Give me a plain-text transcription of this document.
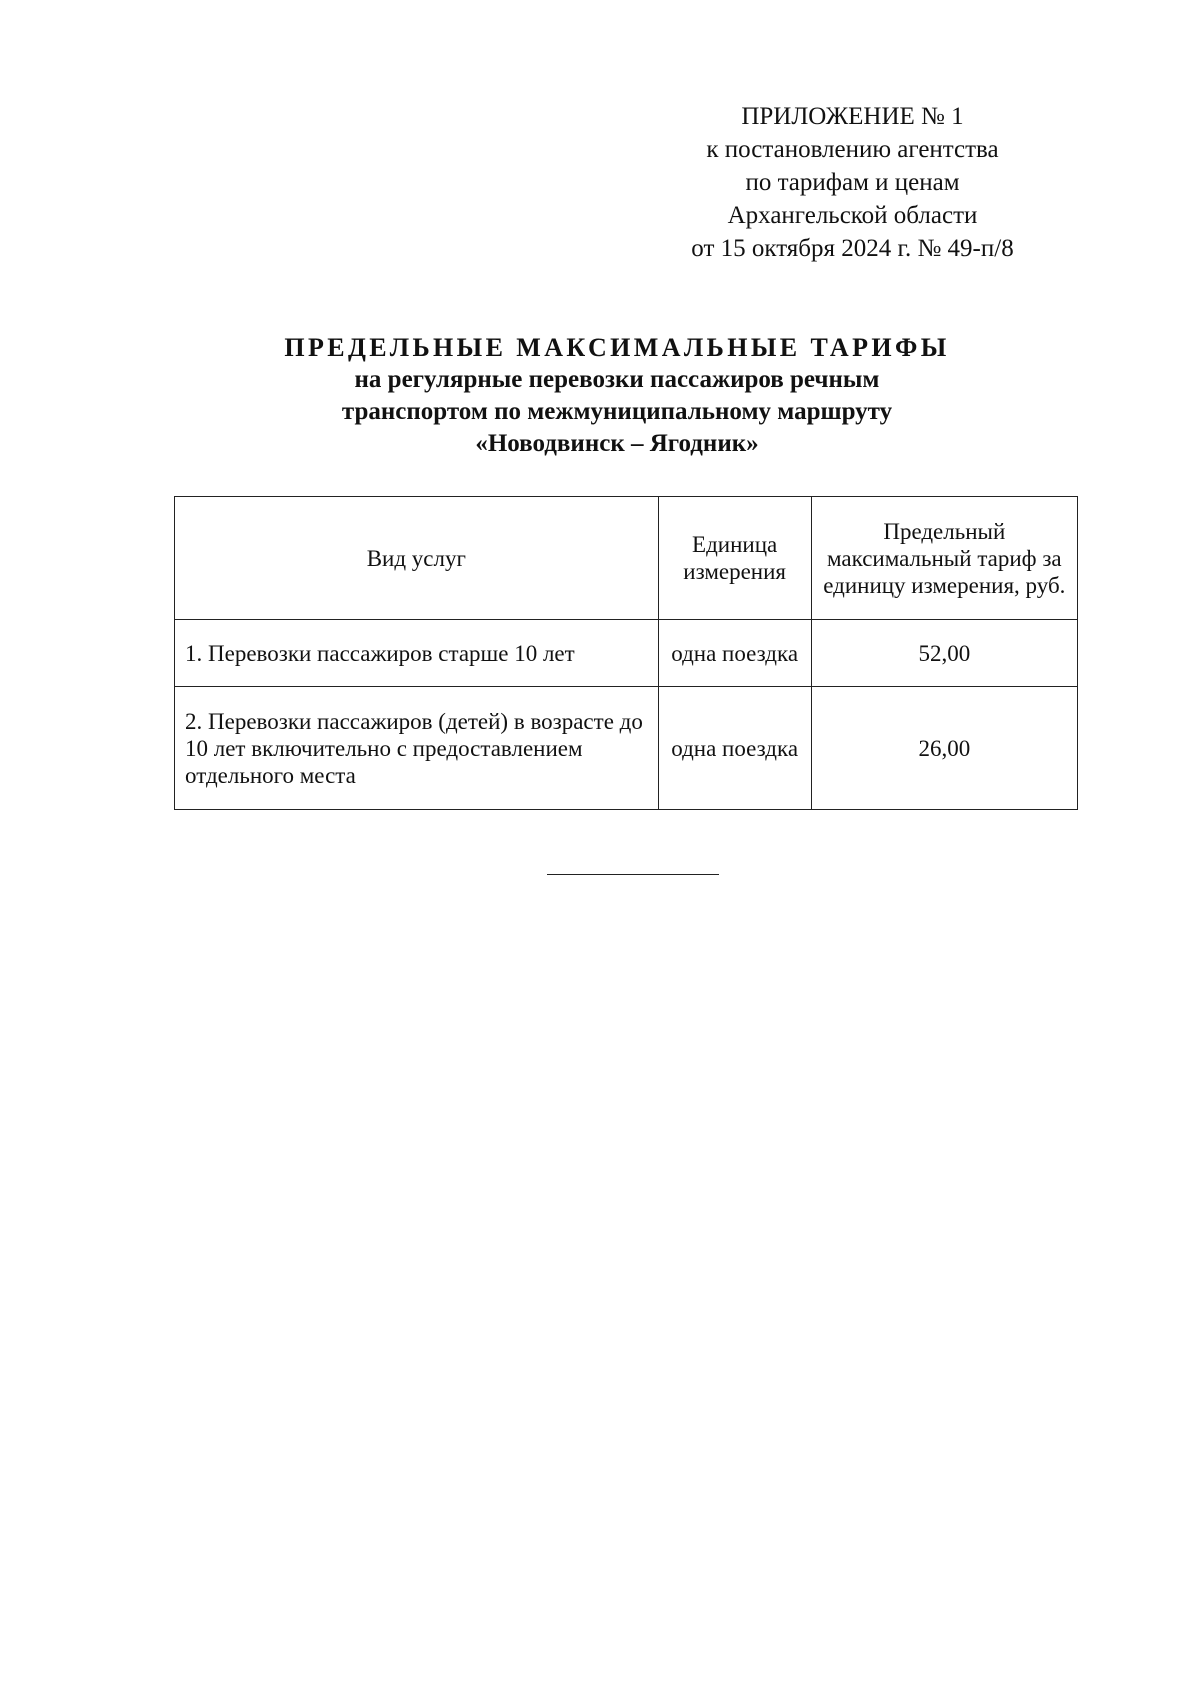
ПРИЛОЖЕНИЕ № 1
к постановлению агентства
по тарифам и ценам
Архангельской области
от 15 октября 2024 г. № 49-п/8
ПРЕДЕЛЬНЫЕ МАКСИМАЛЬНЫЕ ТАРИФЫ
на регулярные перевозки пассажиров речным
транспортом по межмуниципальному маршруту
«Новодвинск – Ягодник»
Вид услуг	Единица измерения	Предельный максимальный тариф за единицу измерения, руб.
1. Перевозки пассажиров старше 10 лет	одна поездка	52,00
2. Перевозки пассажиров (детей) в возрасте до 10 лет включительно с предоставлением отдельного места	одна поездка	26,00
